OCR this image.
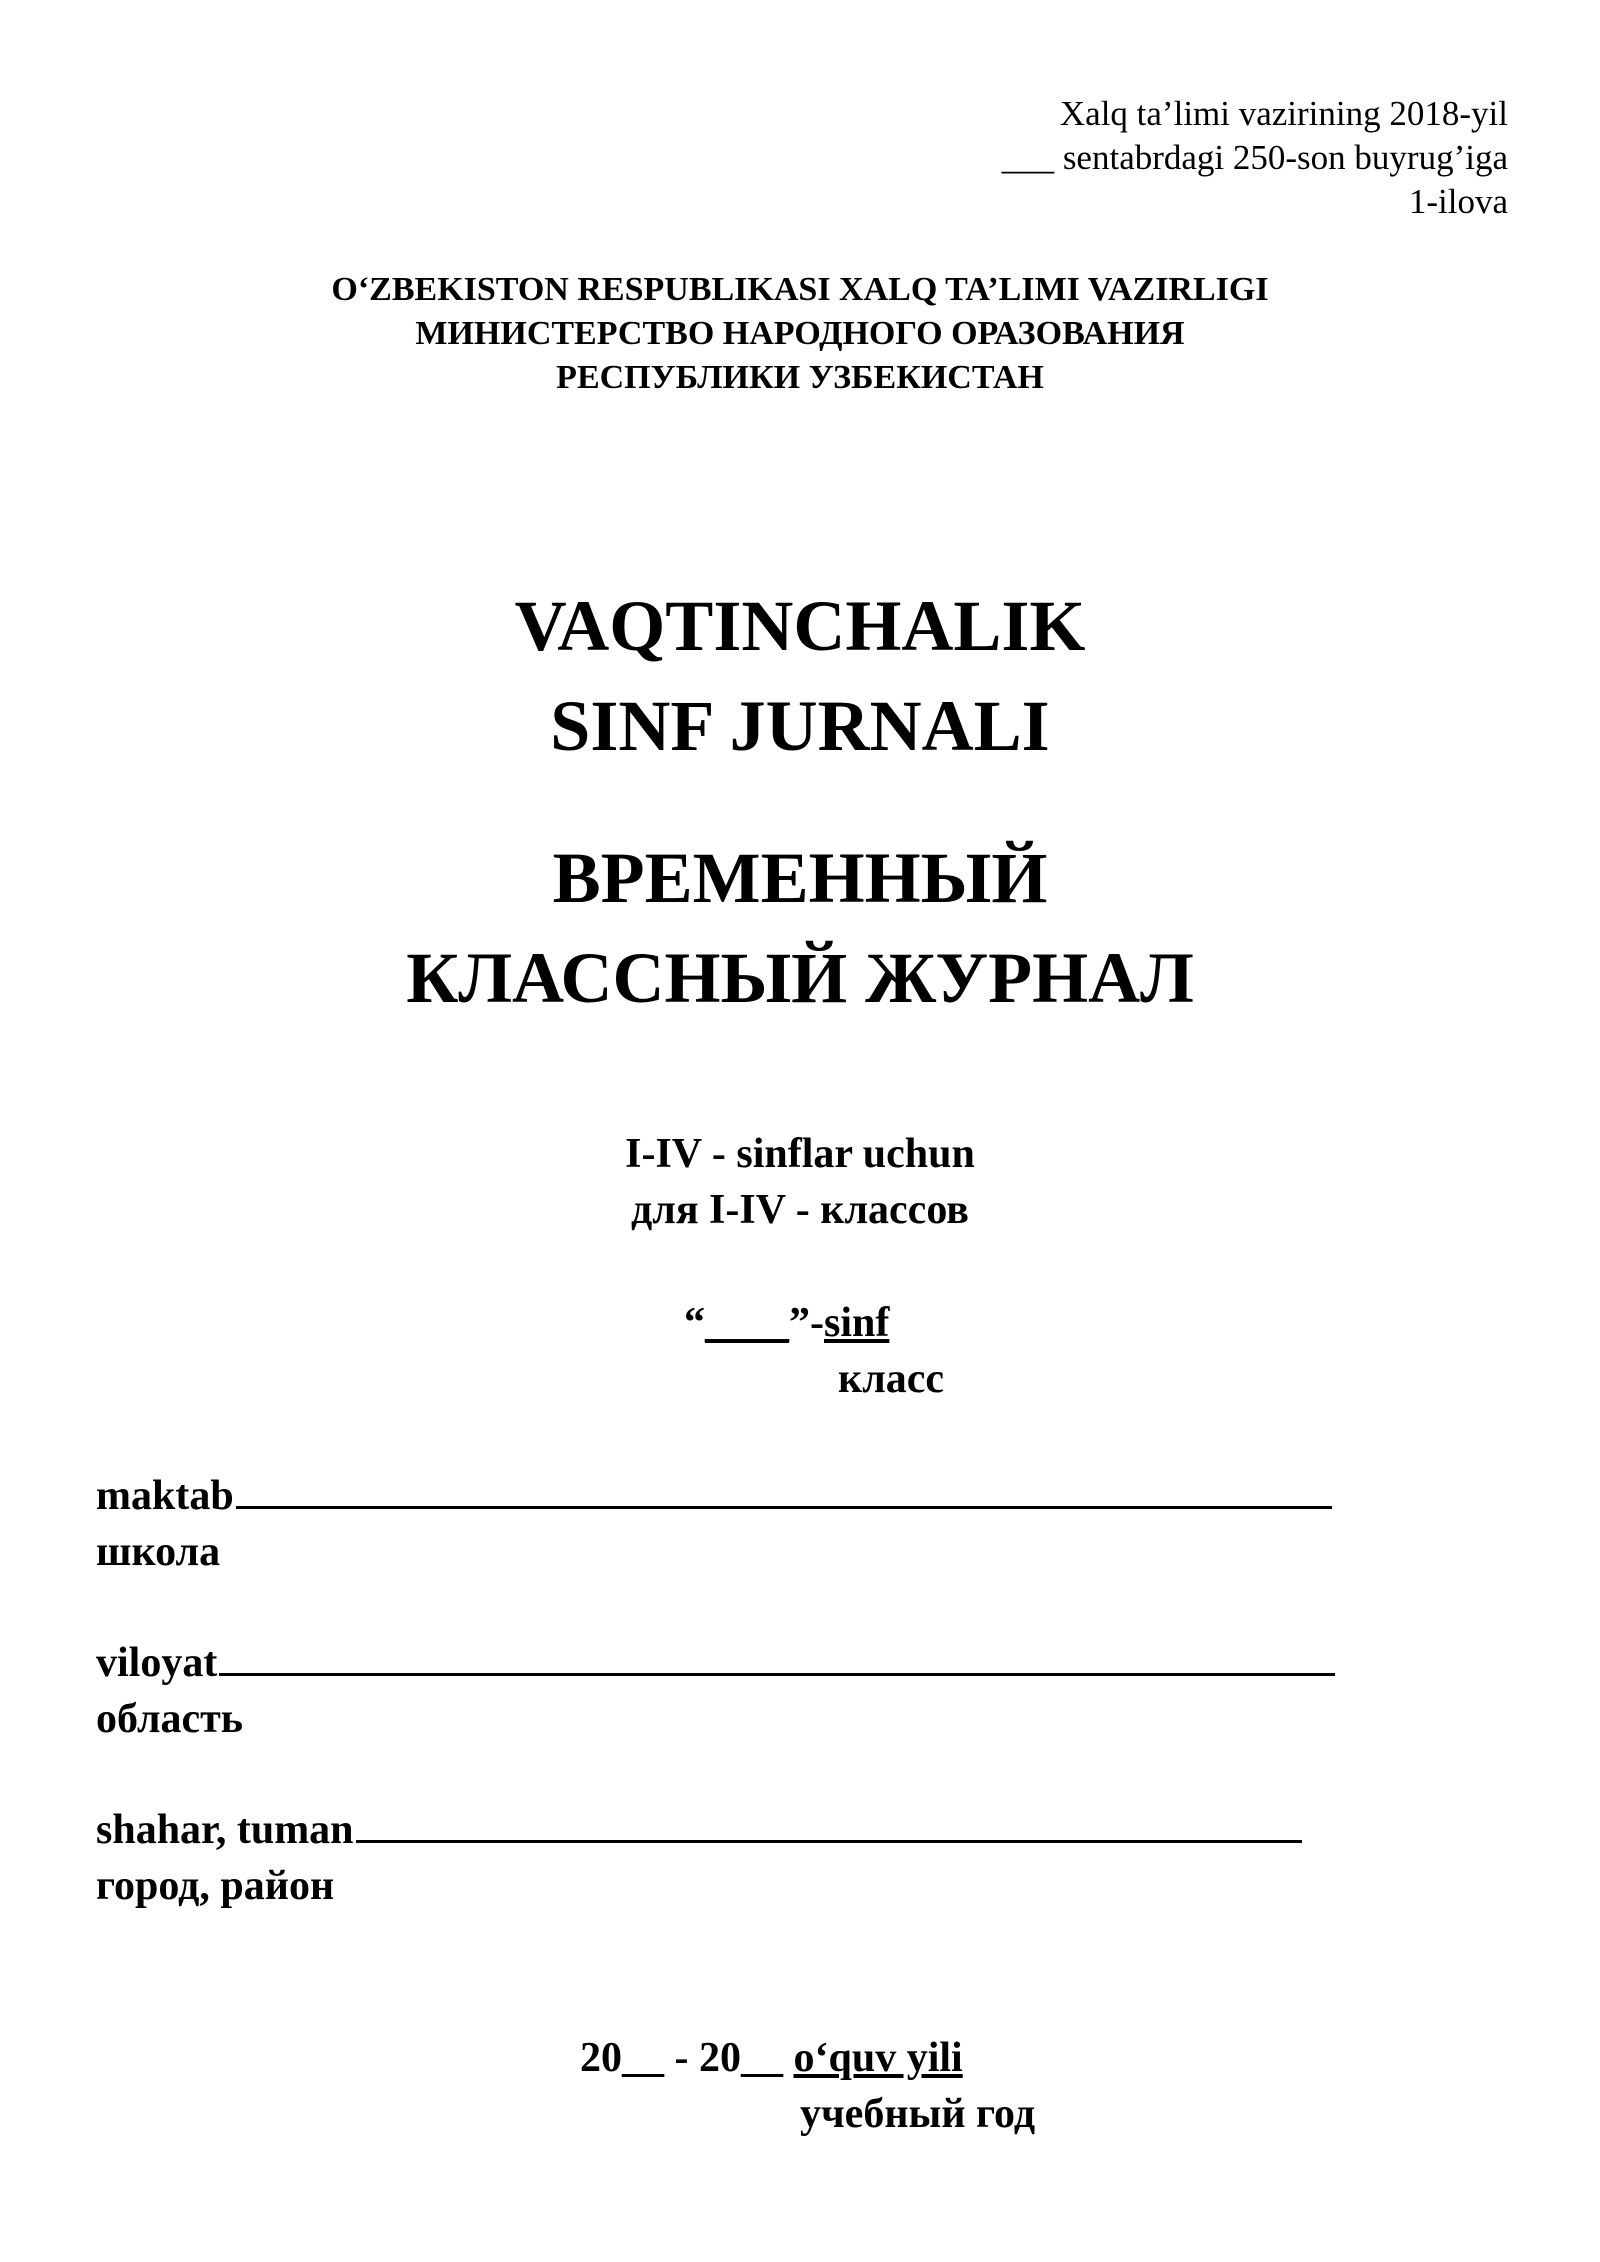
Xalq ta’limi vazirining 2018-yil
___ sentabrdagi 250-son buyrug’iga
1-ilova
O‘ZBEKISTON RESPUBLIKASI XALQ TA’LIMI VAZIRLIGI
МИНИСТЕРСТВО НАРОДНОГО ОРАЗОВАНИЯ
РЕСПУБЛИКИ УЗБЕКИСТАН
VAQTINCHALIK
SINF JURNALI
ВРЕМЕННЫЙ
КЛАССНЫЙ ЖУРНАЛ
I-IV - sinflar uchun
для I-IV - классов
“____”-sinf
класс
maktab
школа
viloyat
область
shahar, tuman
город, район
20__ - 20__ o‘quv yili
учебный год
